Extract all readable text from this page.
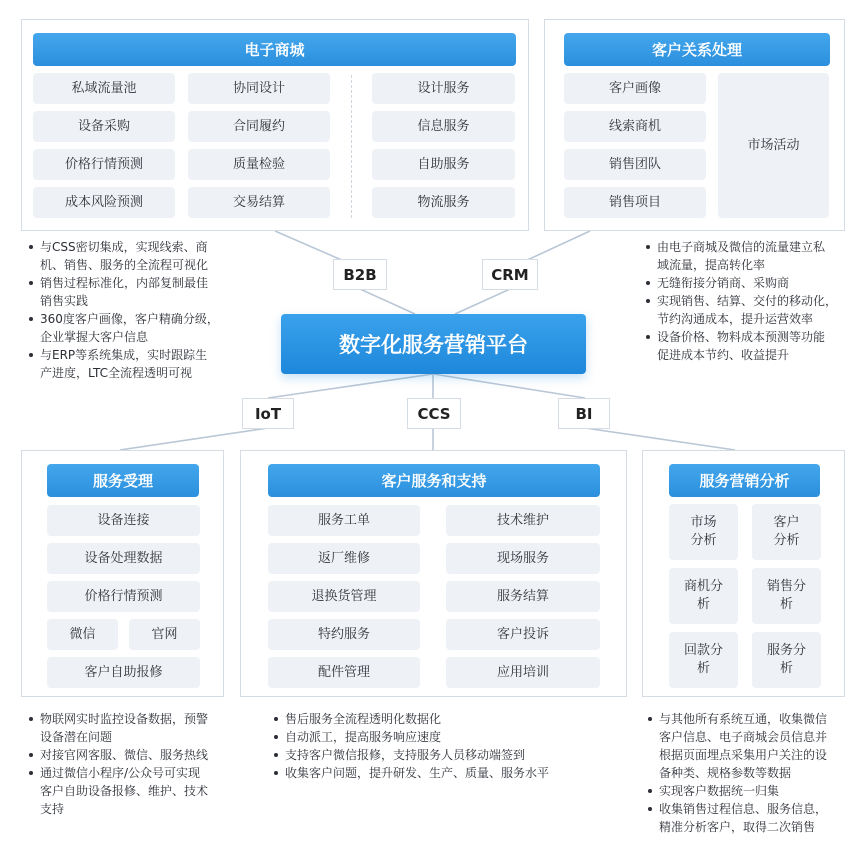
电子商城
私域流量池
设备采购
价格行情预测
成本风险预测
协同设计
合同履约
质量检验
交易结算
设计服务
信息服务
自助服务
物流服务
客户关系处理
客户画像
线索商机
销售团队
销售项目
市场活动
与CSS密切集成，实现线索、商
机、销售、服务的全流程可视化
销售过程标准化，内部复制最佳
销售实践
360度客户画像，客户精确分级，
企业掌握大客户信息
与ERP等系统集成，实时跟踪生
产进度，LTC全流程透明可视
由电子商城及微信的流量建立私
域流量，提高转化率
无缝衔接分销商、采购商
实现销售、结算、交付的移动化，
节约沟通成本，提升运营效率
设备价格、物料成本预测等功能
促进成本节约、收益提升
B2B	CRM
IoT	CCS	BI
数字化服务营销平台
服务受理
设备连接
设备处理数据
价格行情预测
微信	官网
客户自助报修
客户服务和支持
服务工单
返厂维修
退换货管理
特约服务
配件管理
技术维护
现场服务
服务结算
客户投诉
应用培训
服务营销分析
市场
分析
客户
分析
商机分
析
销售分
析
回款分
析
服务分
析
物联网实时监控设备数据，预警
设备潜在问题
对接官网客服、微信、服务热线
通过微信小程序/公众号可实现
客户自助设备报修、维护、技术
支持
售后服务全流程透明化数据化
自动派工，提高服务响应速度
支持客户微信报修，支持服务人员移动端签到
收集客户问题，提升研发、生产、质量、服务水平
与其他所有系统互通，收集微信
客户信息、电子商城会员信息并
根据页面埋点采集用户关注的设
备种类、规格参数等数据
实现客户数据统一归集
收集销售过程信息、服务信息，
精准分析客户，取得二次销售
